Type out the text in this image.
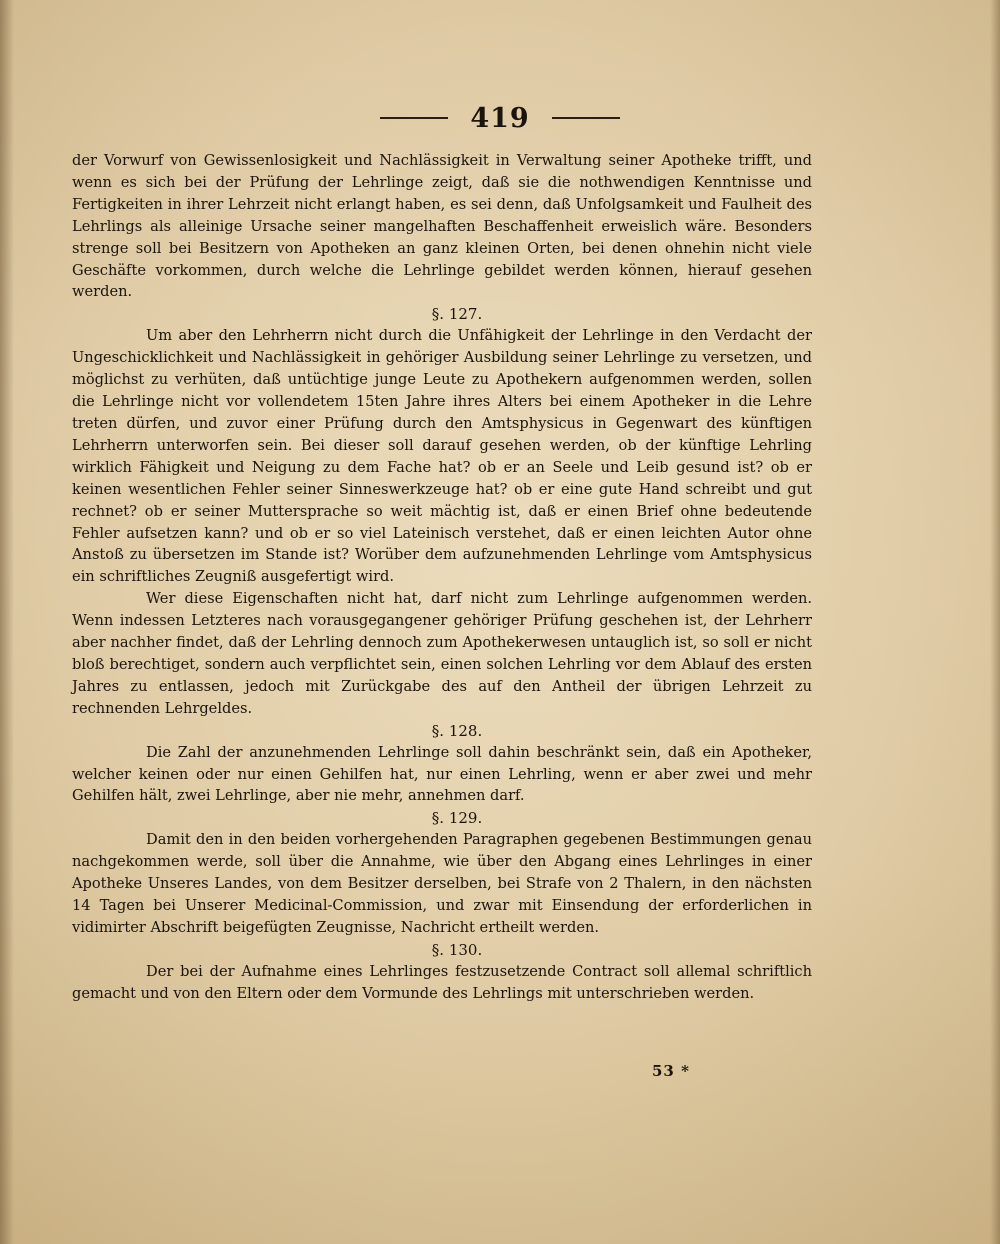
419

der Vorwurf von Gewissenlosigkeit und Nachlässigkeit in Verwaltung seiner Apotheke trifft, und wenn es sich bei der Prüfung der Lehrlinge zeigt, daß sie die nothwendigen Kenntnisse und Fertigkeiten in ihrer Lehrzeit nicht erlangt haben, es sei denn, daß Unfolgsamkeit und Faulheit des Lehrlings als alleinige Ursache seiner mangelhaften Beschaffenheit erweislich wäre. Besonders strenge soll bei Besitzern von Apotheken an ganz kleinen Orten, bei denen ohnehin nicht viele Geschäfte vorkommen, durch welche die Lehrlinge gebildet werden können, hierauf gesehen werden.

§. 127.

Um aber den Lehrherrn nicht durch die Unfähigkeit der Lehrlinge in den Verdacht der Ungeschicklichkeit und Nachlässigkeit in gehöriger Ausbildung seiner Lehrlinge zu versetzen, und möglichst zu verhüten, daß untüchtige junge Leute zu Apothekern aufgenommen werden, sollen die Lehrlinge nicht vor vollendetem 15ten Jahre ihres Alters bei einem Apotheker in die Lehre treten dürfen, und zuvor einer Prüfung durch den Amtsphysicus in Gegenwart des künftigen Lehrherrn unterworfen sein. Bei dieser soll darauf gesehen werden, ob der künftige Lehrling wirklich Fähigkeit und Neigung zu dem Fache hat? ob er an Seele und Leib gesund ist? ob er keinen wesentlichen Fehler seiner Sinneswerkzeuge hat? ob er eine gute Hand schreibt und gut rechnet? ob er seiner Muttersprache so weit mächtig ist, daß er einen Brief ohne bedeutende Fehler aufsetzen kann? und ob er so viel Lateinisch verstehet, daß er einen leichten Autor ohne Anstoß zu übersetzen im Stande ist? Worüber dem aufzunehmenden Lehrlinge vom Amtsphysicus ein schriftliches Zeugniß ausgefertigt wird.

Wer diese Eigenschaften nicht hat, darf nicht zum Lehrlinge aufgenommen werden. Wenn indessen Letzteres nach vorausgegangener gehöriger Prüfung geschehen ist, der Lehrherr aber nachher findet, daß der Lehrling dennoch zum Apothekerwesen untauglich ist, so soll er nicht bloß berechtiget, sondern auch verpflichtet sein, einen solchen Lehrling vor dem Ablauf des ersten Jahres zu entlassen, jedoch mit Zurückgabe des auf den Antheil der übrigen Lehrzeit zu rechnenden Lehrgeldes.

§. 128.

Die Zahl der anzunehmenden Lehrlinge soll dahin beschränkt sein, daß ein Apotheker, welcher keinen oder nur einen Gehilfen hat, nur einen Lehrling, wenn er aber zwei und mehr Gehilfen hält, zwei Lehrlinge, aber nie mehr, annehmen darf.

§. 129.

Damit den in den beiden vorhergehenden Paragraphen gegebenen Bestimmungen genau nachgekommen werde, soll über die Annahme, wie über den Abgang eines Lehrlinges in einer Apotheke Unseres Landes, von dem Besitzer derselben, bei Strafe von 2 Thalern, in den nächsten 14 Tagen bei Unserer Medicinal-Commission, und zwar mit Einsendung der erforderlichen in vidimirter Abschrift beigefügten Zeugnisse, Nachricht ertheilt werden.

§. 130.

Der bei der Aufnahme eines Lehrlinges festzusetzende Contract soll allemal schriftlich gemacht und von den Eltern oder dem Vormunde des Lehrlings mit unterschrieben werden.

53 *
